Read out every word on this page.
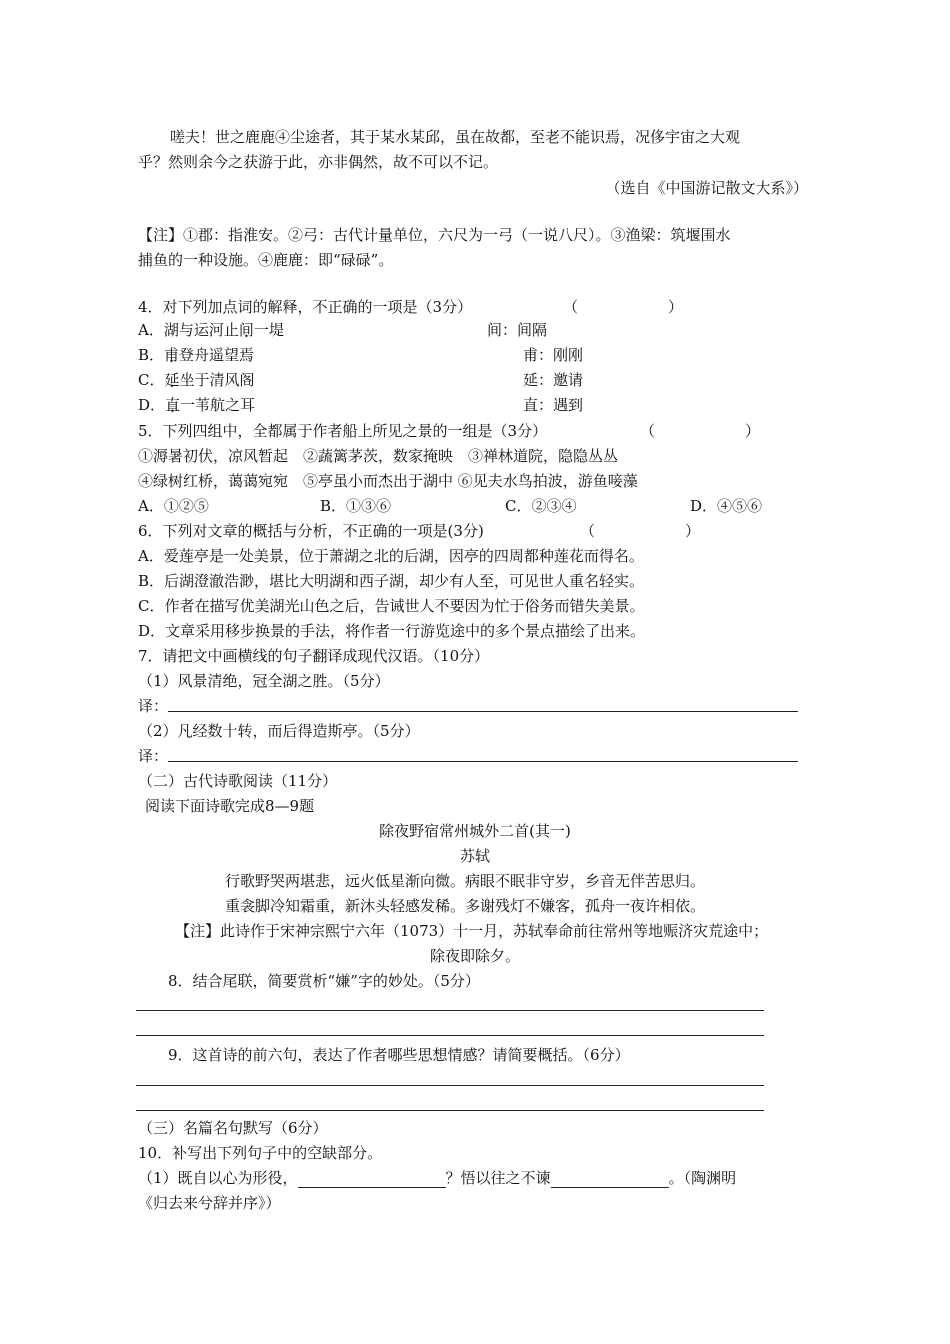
嗟夫！世之鹿鹿④尘途者，其于某水某邱，虽在故都，至老不能识焉，况侈宇宙之大观
乎？然则余今之获游于此，亦非偶然，故不可以不记。
（选自《中国游记散文大系》）
【注】①郡：指淮安。②弓：古代计量单位，六尺为一弓（一说八尺）。③渔梁：筑堰围水
捕鱼的一种设施。④鹿鹿：即“碌碌”。
4．对下列加点词的解释，不正确的一项是（3分）	（　　　　　　）
A．湖与运河止间一堤	间：间隔
B．甫登舟遥望焉	甫：刚刚
C．延坐于清风阁	延：邀请
D．直一苇航之耳	直：遇到
5．下列四组中，全都属于作者船上所见之景的一组是（3分）	（　　　　　　）
①溽暑初伏，凉风暂起　②蔬篱茅茨，数家掩映　③禅林道院，隐隐丛丛
④绿树红桥，蔼蔼宛宛　⑤亭虽小而杰出于湖中 ⑥见夫水鸟拍波，游鱼唼藻
A．①②⑤	B．①③⑥	C．②③④	D．④⑤⑥
6．下列对文章的概括与分析，不正确的一项是(3分)	（　　　　　　）
A．爱莲亭是一处美景，位于萧湖之北的后湖，因亭的四周都种莲花而得名。
B．后湖澄澈浩渺，堪比大明湖和西子湖，却少有人至，可见世人重名轻实。
C．作者在描写优美湖光山色之后，告诫世人不要因为忙于俗务而错失美景。
D．文章采用移步换景的手法，将作者一行游览途中的多个景点描绘了出来。
7．请把文中画横线的句子翻译成现代汉语。（10分）
（1）风景清绝，冠全湖之胜。（5分）
译：
（2）凡经数十转，而后得造斯亭。（5分）
译：
（二）古代诗歌阅读（11分）
阅读下面诗歌完成8—9题
除夜野宿常州城外二首(其一)
苏轼
行歌野哭两堪悲，远火低星渐向微。病眼不眠非守岁，乡音无伴苦思归。
重衾脚冷知霜重，新沐头轻感发稀。多谢残灯不嫌客，孤舟一夜许相依。
【注】此诗作于宋神宗熙宁六年（1073）十一月，苏轼奉命前往常州等地赈济灾荒途中；
除夜即除夕。
8．结合尾联，简要赏析“嫌”字的妙处。（5分）
9．这首诗的前六句，表达了作者哪些思想情感？请简要概括。（6分）
（三）名篇名句默写（6分）
10．补写出下列句子中的空缺部分。
（1）既自以心为形役，	？悟以往之不谏	。（陶渊明
《归去来兮辞并序》）
